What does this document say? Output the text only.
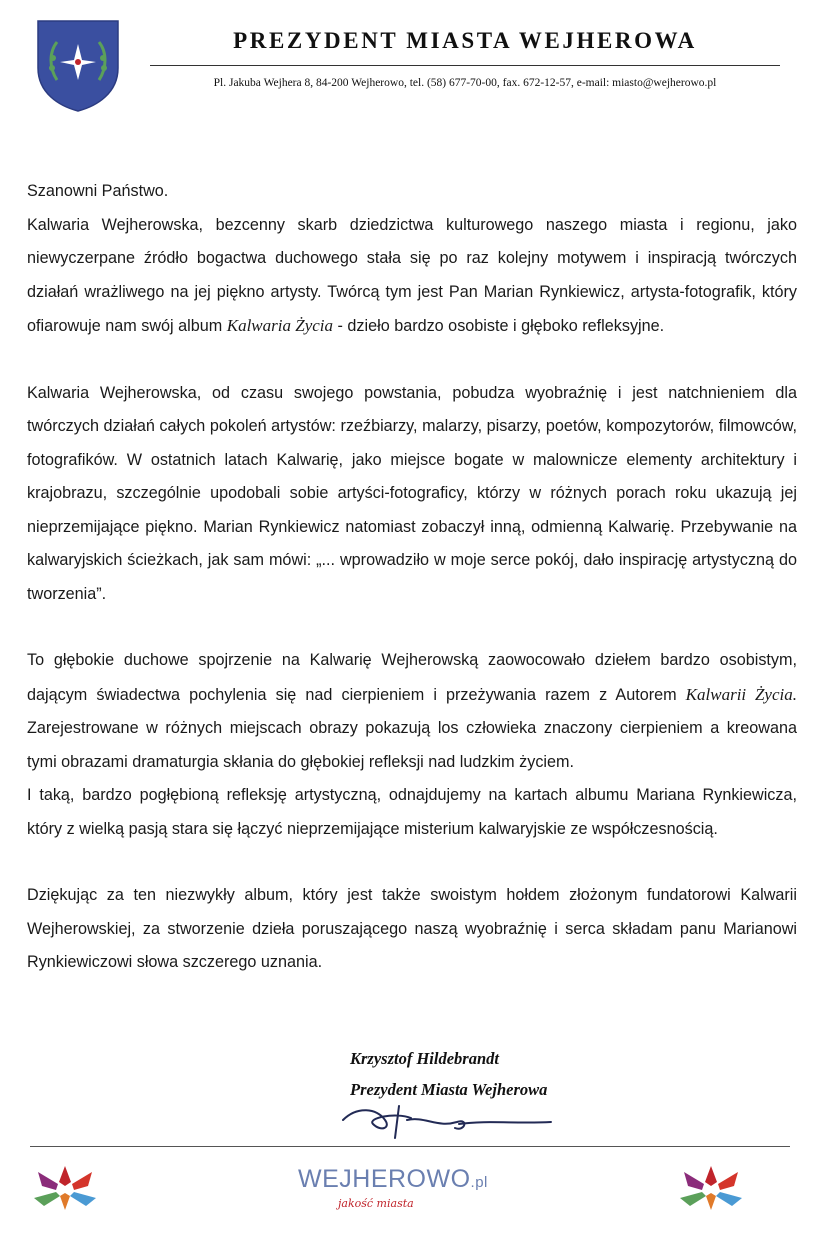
PREZYDENT MIASTA WEJHEROWA
Pl. Jakuba Wejhera 8, 84-200 Wejherowo, tel. (58) 677-70-00, fax. 672-12-57, e-mail: miasto@wejherowo.pl

Szanowni Państwo.

Kalwaria Wejherowska, bezcenny skarb dziedzictwa kulturowego naszego miasta i regionu, jako niewyczerpane źródło bogactwa duchowego stała się po raz kolejny motywem i inspiracją twórczych działań wrażliwego na jej piękno artysty. Twórcą tym jest Pan Marian Rynkiewicz, artysta-fotografik, który ofiarowuje nam swój album Kalwaria Życia - dzieło bardzo osobiste i głęboko refleksyjne.

Kalwaria Wejherowska, od czasu swojego powstania, pobudza wyobraźnię i jest natchnieniem dla twórczych działań całych pokoleń artystów: rzeźbiarzy, malarzy, pisarzy, poetów, kompozytorów, filmowców, fotografików. W ostatnich latach Kalwarię, jako miejsce bogate w malownicze elementy architektury i krajobrazu, szczególnie upodobali sobie artyści-fotograficy, którzy w różnych porach roku ukazują jej nieprzemijające piękno. Marian Rynkiewicz natomiast zobaczył inną, odmienną Kalwarię. Przebywanie na kalwaryjskich ścieżkach, jak sam mówi: „... wprowadziło w moje serce pokój, dało inspirację artystyczną do tworzenia”.

To głębokie duchowe spojrzenie na Kalwarię Wejherowską zaowocowało dziełem bardzo osobistym, dającym świadectwa pochylenia się nad cierpieniem i przeżywania razem z Autorem Kalwarii Życia. Zarejestrowane w różnych miejscach obrazy pokazują los człowieka znaczony cierpieniem a kreowana tymi obrazami dramaturgia skłania do głębokiej refleksji nad ludzkim życiem.

I taką, bardzo pogłębioną refleksję artystyczną, odnajdujemy na kartach albumu Mariana Rynkiewicza, który z wielką pasją stara się łączyć nieprzemijające misterium kalwaryjskie ze współczesnością.

Dziękując za ten niezwykły album, który jest także swoistym hołdem złożonym fundatorowi Kalwarii Wejherowskiej, za stworzenie dzieła poruszającego naszą wyobraźnię i serca składam panu Marianowi Rynkiewiczowi słowa szczerego uznania.

Krzysztof Hildebrandt
Prezydent Miasta Wejherowa
WEJHEROWO.pl
jakość miasta
